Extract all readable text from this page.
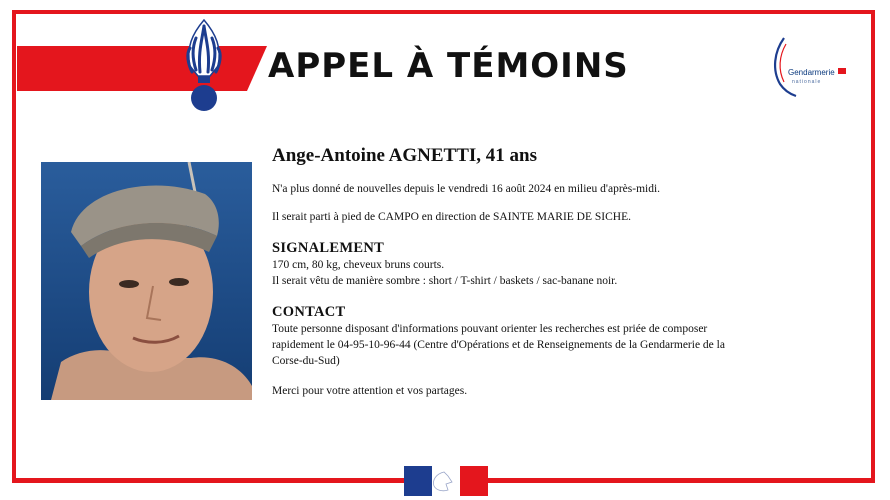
APPEL À TÉMOINS	Gendarmerie
nationale
Ange-Antoine AGNETTI, 41 ans
N'a plus donné de nouvelles depuis le vendredi 16 août 2024 en milieu d'après-midi.
Il serait parti à pied de CAMPO en direction de SAINTE MARIE DE SICHE.
SIGNALEMENT
170 cm, 80 kg, cheveux bruns courts.
Il serait vêtu de manière sombre : short / T-shirt / baskets / sac-banane noir.
CONTACT
Toute personne disposant d'informations pouvant orienter les recherches est priée de composer
rapidement le 04-95-10-96-44 (Centre d'Opérations et de Renseignements de la Gendarmerie de la
Corse-du-Sud)
Merci pour votre attention et vos partages.
